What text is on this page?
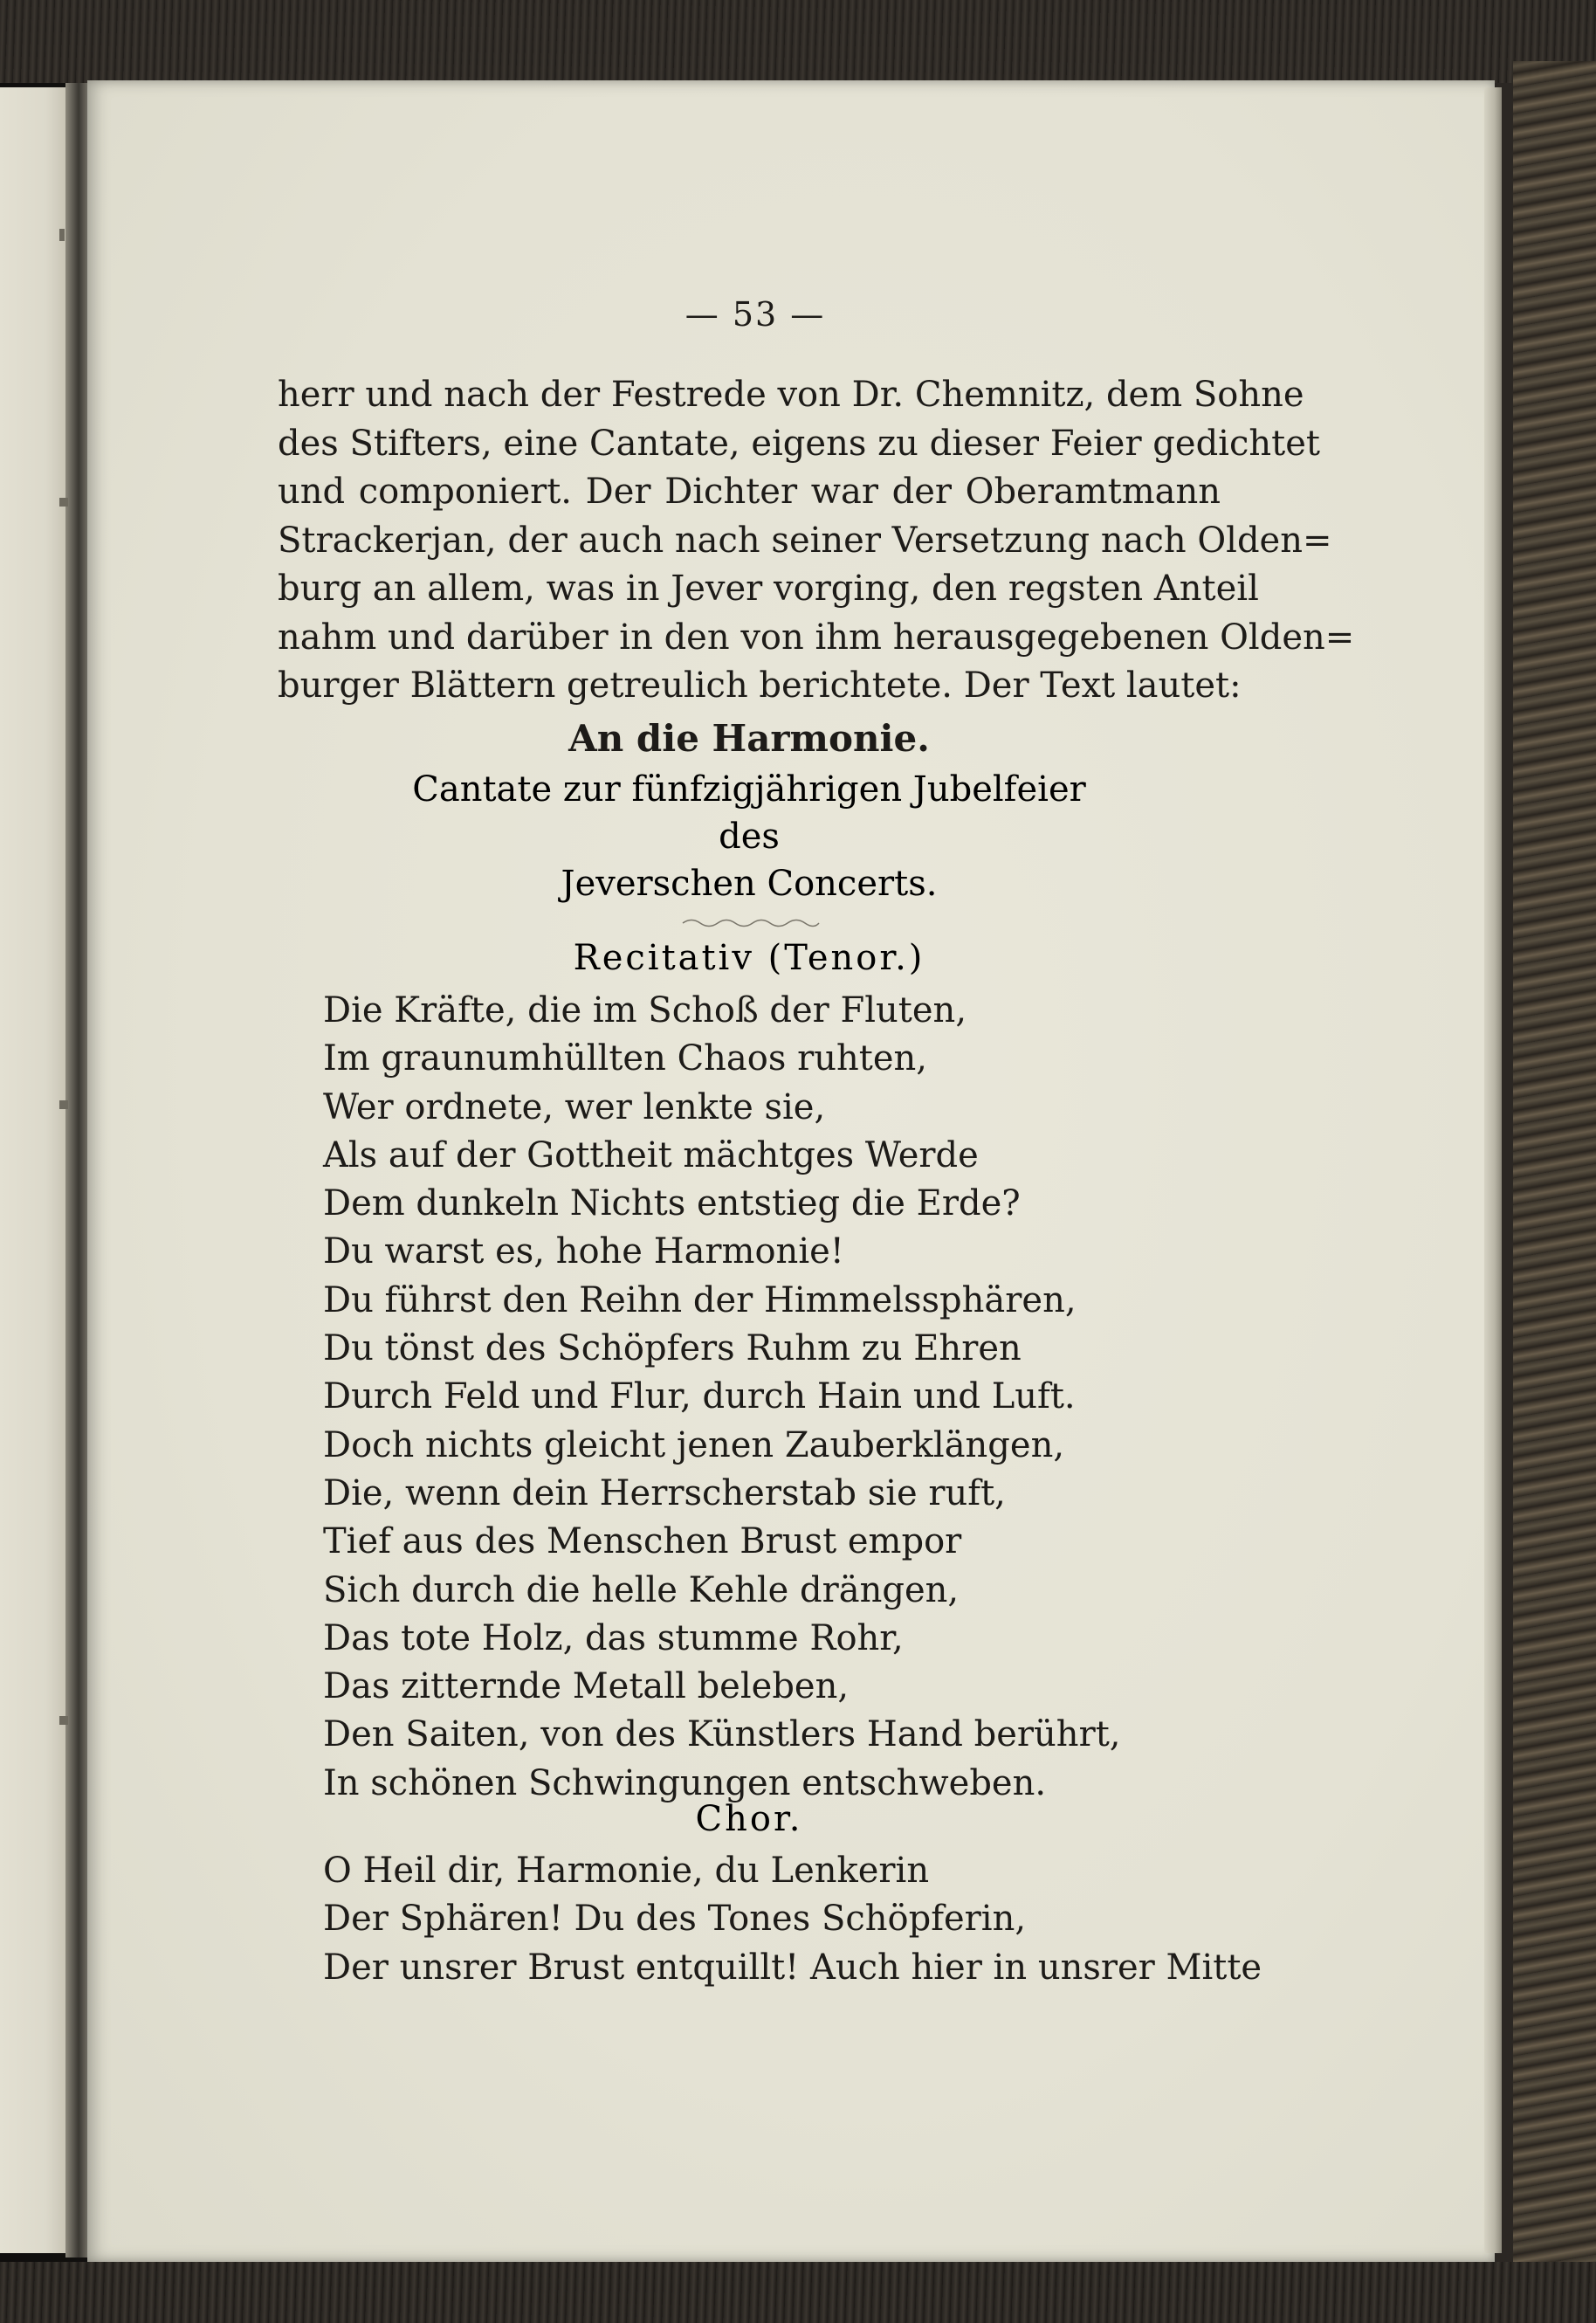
— 53 —
herr und nach der Festrede von Dr. Chemnitz, dem Sohne
des Stifters, eine Cantate, eigens zu dieser Feier gedichtet
und componiert. Der Dichter war der Oberamtmann
Strackerjan, der auch nach seiner Versetzung nach Olden=
burg an allem, was in Jever vorging, den regsten Anteil
nahm und darüber in den von ihm herausgegebenen Olden=
burger Blättern getreulich berichtete. Der Text lautet:
An die Harmonie.
Cantate zur fünfzigjährigen Jubelfeier
des
Jeverschen Concerts.
Recitativ (Tenor.)
Die Kräfte, die im Schoß der Fluten,
Im graunumhüllten Chaos ruhten,
Wer ordnete, wer lenkte sie,
Als auf der Gottheit mächtges Werde
Dem dunkeln Nichts entstieg die Erde?
Du warst es, hohe Harmonie!
Du führst den Reihn der Himmelssphären,
Du tönst des Schöpfers Ruhm zu Ehren
Durch Feld und Flur, durch Hain und Luft.
Doch nichts gleicht jenen Zauberklängen,
Die, wenn dein Herrscherstab sie ruft,
Tief aus des Menschen Brust empor
Sich durch die helle Kehle drängen,
Das tote Holz, das stumme Rohr,
Das zitternde Metall beleben,
Den Saiten, von des Künstlers Hand berührt,
In schönen Schwingungen entschweben.
Chor.
O Heil dir, Harmonie, du Lenkerin
Der Sphären! Du des Tones Schöpferin,
Der unsrer Brust entquillt! Auch hier in unsrer Mitte
